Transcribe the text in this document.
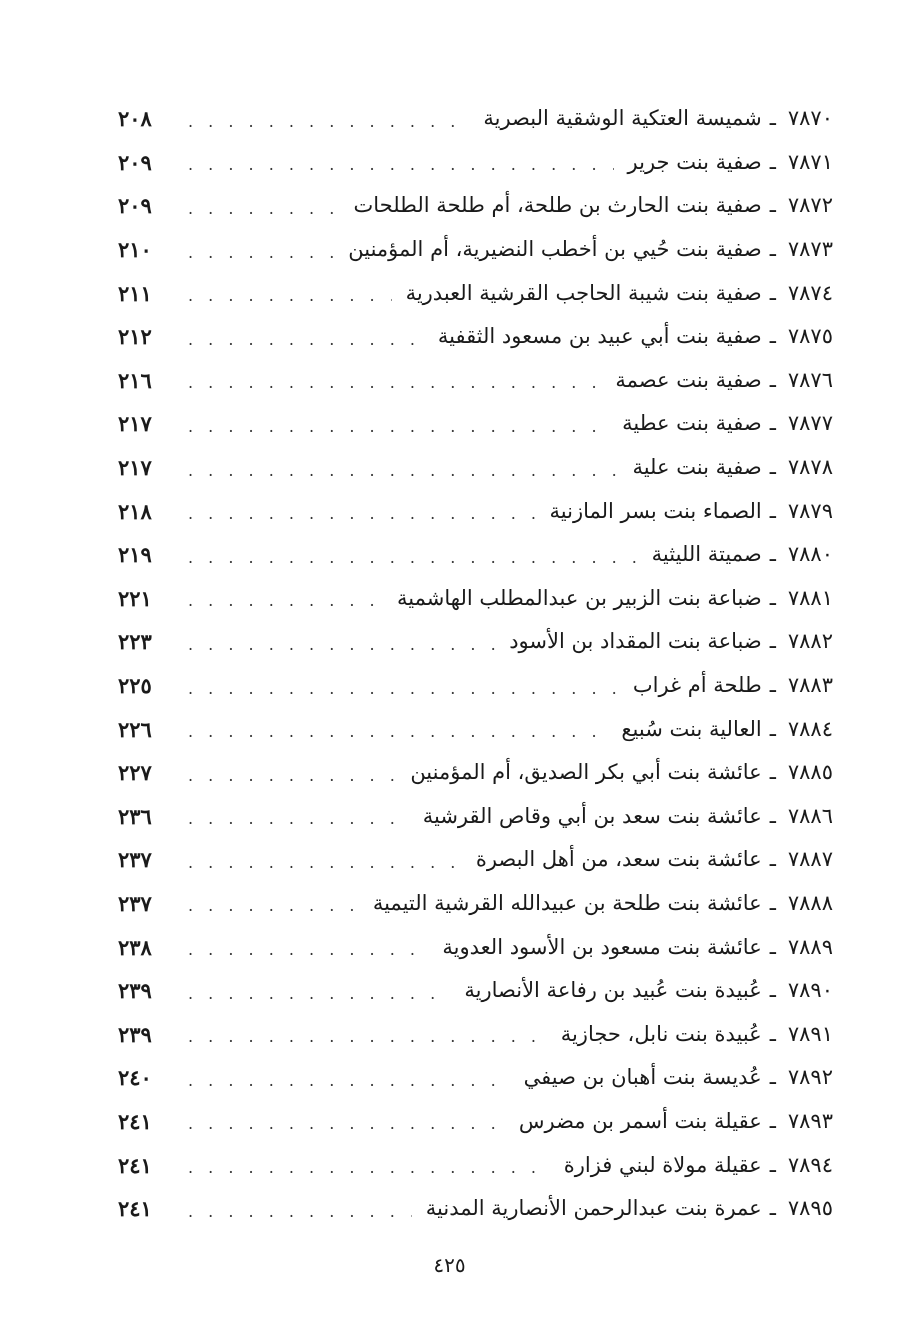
٧٨٧٠
ـ
شميسة العتكية الوشقية البصرية
. . .
٢٠٨
٧٨٧١
ـ
صفية بنت جرير
. . .
٢٠٩
٧٨٧٢
ـ
صفية بنت الحارث بن طلحة، أم طلحة الطلحات
. . .
٢٠٩
٧٨٧٣
ـ
صفية بنت حُيي بن أخطب النضيرية، أم المؤمنين
. . .
٢١٠
٧٨٧٤
ـ
صفية بنت شيبة الحاجب القرشية العبدرية
. . .
٢١١
٧٨٧٥
ـ
صفية بنت أبي عبيد بن مسعود الثقفية
. . .
٢١٢
٧٨٧٦
ـ
صفية بنت عصمة
. . .
٢١٦
٧٨٧٧
ـ
صفية بنت عطية
. . .
٢١٧
٧٨٧٨
ـ
صفية بنت علية
. . .
٢١٧
٧٨٧٩
ـ
الصماء بنت بسر المازنية
. . .
٢١٨
٧٨٨٠
ـ
صميتة الليثية
. . .
٢١٩
٧٨٨١
ـ
ضباعة بنت الزبير بن عبدالمطلب الهاشمية
. . .
٢٢١
٧٨٨٢
ـ
ضباعة بنت المقداد بن الأسود
. . .
٢٢٣
٧٨٨٣
ـ
طلحة أم غراب
. . .
٢٢٥
٧٨٨٤
ـ
العالية بنت سُبيع
. . .
٢٢٦
٧٨٨٥
ـ
عائشة بنت أبي بكر الصديق، أم المؤمنين
. . .
٢٢٧
٧٨٨٦
ـ
عائشة بنت سعد بن أبي وقاص القرشية
. . .
٢٣٦
٧٨٨٧
ـ
عائشة بنت سعد، من أهل البصرة
. . .
٢٣٧
٧٨٨٨
ـ
عائشة بنت طلحة بن عبيدالله القرشية التيمية
. . .
٢٣٧
٧٨٨٩
ـ
عائشة بنت مسعود بن الأسود العدوية
. . .
٢٣٨
٧٨٩٠
ـ
عُبيدة بنت عُبيد بن رفاعة الأنصارية
. . .
٢٣٩
٧٨٩١
ـ
عُبيدة بنت نابل، حجازية
. . .
٢٣٩
٧٨٩٢
ـ
عُديسة بنت أهبان بن صيفي
. . .
٢٤٠
٧٨٩٣
ـ
عقيلة بنت أسمر بن مضرس
. . .
٢٤١
٧٨٩٤
ـ
عقيلة مولاة لبني فزارة
. . .
٢٤١
٧٨٩٥
ـ
عمرة بنت عبدالرحمن الأنصارية المدنية
. . .
٢٤١
٤٢٥
